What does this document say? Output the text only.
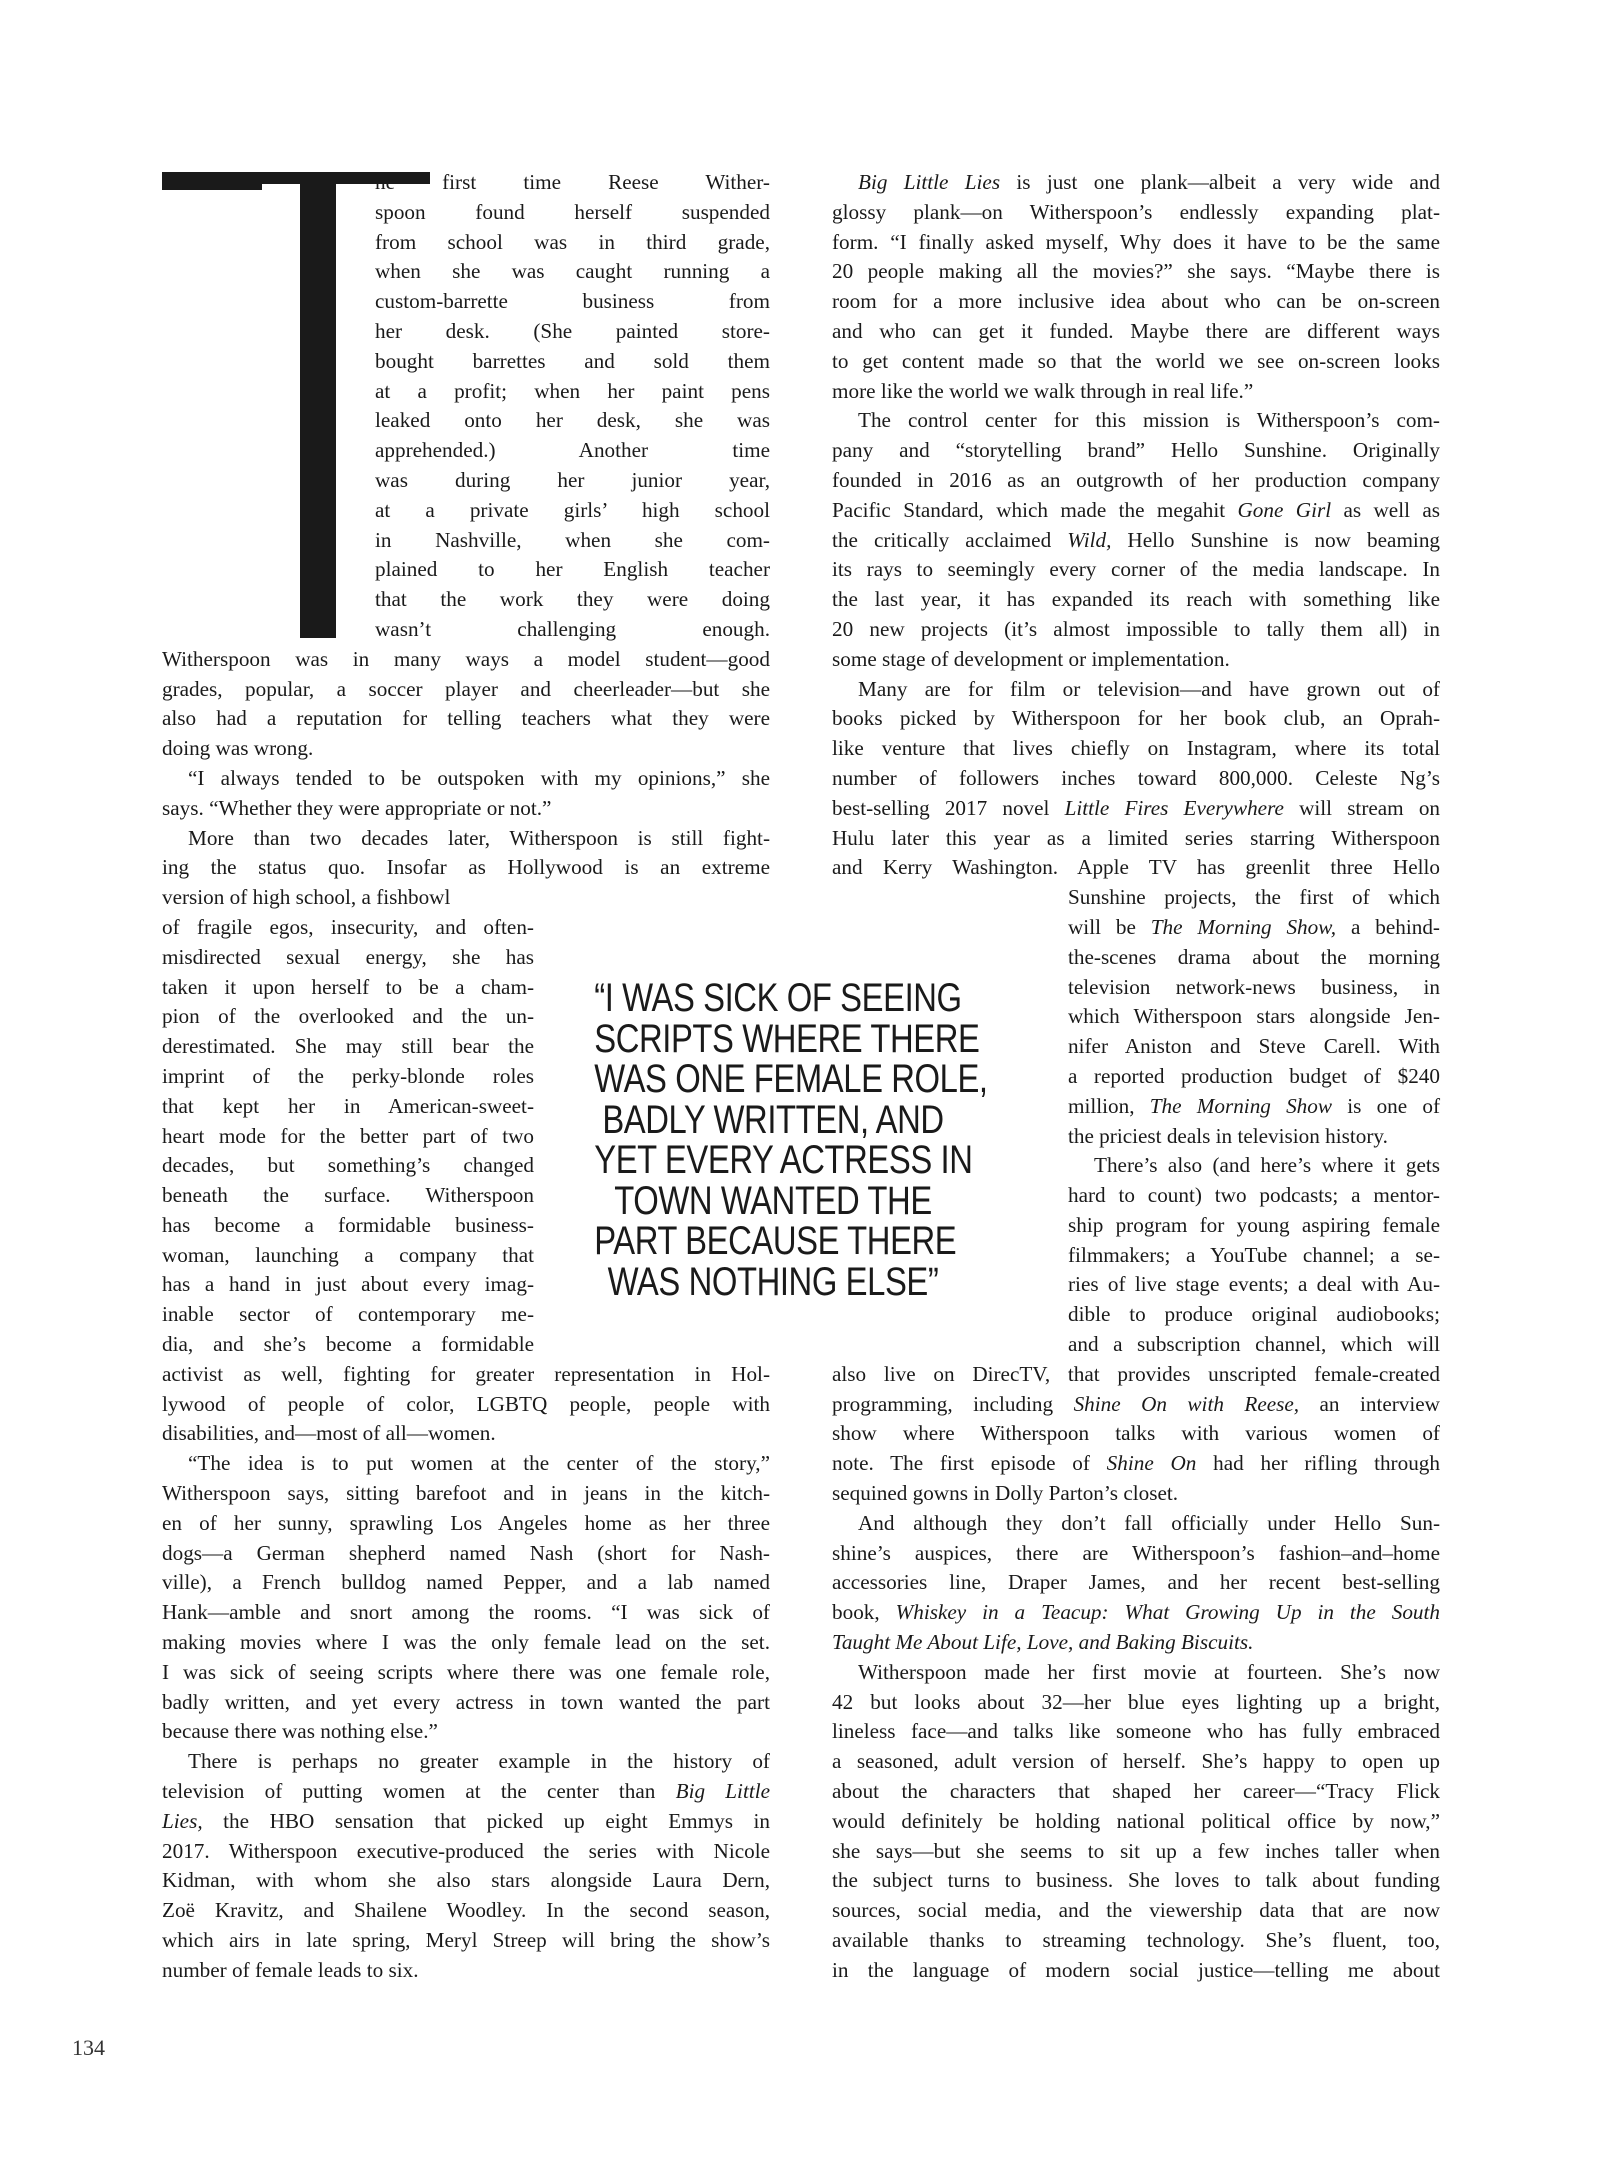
he first time Reese Wither-
spoon found herself suspended
from school was in third grade,
when she was caught running a
custom-barrette business from
her desk. (She painted store-
bought barrettes and sold them
at a profit; when her paint pens
leaked onto her desk, she was
apprehended.) Another time
was during her junior year,
at a private girls’ high school
in Nashville, when she com-
plained to her English teacher
that the work they were doing
wasn’t challenging enough.
Witherspoon was in many ways a model student—good
grades, popular, a soccer player and cheerleader—but she
also had a reputation for telling teachers what they were
doing was wrong.
“I always tended to be outspoken with my opinions,” she
says. “Whether they were appropriate or not.”
More than two decades later, Witherspoon is still fight-
ing the status quo. Insofar as Hollywood is an extreme
version of high school, a fishbowl
of fragile egos, insecurity, and often-
misdirected sexual energy, she has
taken it upon herself to be a cham-
pion of the overlooked and the un-
derestimated. She may still bear the
imprint of the perky-blonde roles
that kept her in American-sweet-
heart mode for the better part of two
decades, but something’s changed
beneath the surface. Witherspoon
has become a formidable business-
woman, launching a company that
has a hand in just about every imag-
inable sector of contemporary me-
dia, and she’s become a formidable
activist as well, fighting for greater representation in Hol-
lywood of people of color, LGBTQ people, people with
disabilities, and—most of all—women.
“The idea is to put women at the center of the story,”
Witherspoon says, sitting barefoot and in jeans in the kitch-
en of her sunny, sprawling Los Angeles home as her three
dogs—a German shepherd named Nash (short for Nash-
ville), a French bulldog named Pepper, and a lab named
Hank—amble and snort among the rooms. “I was sick of
making movies where I was the only female lead on the set.
I was sick of seeing scripts where there was one female role,
badly written, and yet every actress in town wanted the part
because there was nothing else.”
There is perhaps no greater example in the history of
television of putting women at the center than Big Little
Lies, the HBO sensation that picked up eight Emmys in
2017. Witherspoon executive-produced the series with Nicole
Kidman, with whom she also stars alongside Laura Dern,
Zoë Kravitz, and Shailene Woodley. In the second season,
which airs in late spring, Meryl Streep will bring the show’s
number of female leads to six.
Big Little Lies is just one plank—albeit a very wide and
glossy plank—on Witherspoon’s endlessly expanding plat-
form. “I finally asked myself, Why does it have to be the same
20 people making all the movies?” she says. “Maybe there is
room for a more inclusive idea about who can be on-screen
and who can get it funded. Maybe there are different ways
to get content made so that the world we see on-screen looks
more like the world we walk through in real life.”
The control center for this mission is Witherspoon’s com-
pany and “storytelling brand” Hello Sunshine. Originally
founded in 2016 as an outgrowth of her production company
Pacific Standard, which made the megahit Gone Girl as well as
the critically acclaimed Wild, Hello Sunshine is now beaming
its rays to seemingly every corner of the media landscape. In
the last year, it has expanded its reach with something like
20 new projects (it’s almost impossible to tally them all) in
some stage of development or implementation.
Many are for film or television—and have grown out of
books picked by Witherspoon for her book club, an Oprah-
like venture that lives chiefly on Instagram, where its total
number of followers inches toward 800,000. Celeste Ng’s
best-selling 2017 novel Little Fires Everywhere will stream on
Hulu later this year as a limited series starring Witherspoon
and Kerry Washington. Apple TV has greenlit three Hello
Sunshine projects, the first of which
will be The Morning Show, a behind-
the-scenes drama about the morning
television network-news business, in
which Witherspoon stars alongside Jen-
nifer Aniston and Steve Carell. With
a reported production budget of $240
million, The Morning Show is one of
the priciest deals in television history.
There’s also (and here’s where it gets
hard to count) two podcasts; a mentor-
ship program for young aspiring female
filmmakers; a YouTube channel; a se-
ries of live stage events; a deal with Au-
dible to produce original audiobooks;
and a subscription channel, which will
also live on DirecTV, that provides unscripted female-created
programming, including Shine On with Reese, an interview
show where Witherspoon talks with various women of
note. The first episode of Shine On had her rifling through
sequined gowns in Dolly Parton’s closet.
And although they don’t fall officially under Hello Sun-
shine’s auspices, there are Witherspoon’s fashion–and–home
accessories line, Draper James, and her recent best-selling
book, Whiskey in a Teacup: What Growing Up in the South
Taught Me About Life, Love, and Baking Biscuits.
Witherspoon made her first movie at fourteen. She’s now
42 but looks about 32—her blue eyes lighting up a bright,
lineless face—and talks like someone who has fully embraced
a seasoned, adult version of herself. She’s happy to open up
about the characters that shaped her career—“Tracy Flick
would definitely be holding national political office by now,”
she says—but she seems to sit up a few inches taller when
the subject turns to business. She loves to talk about funding
sources, social media, and the viewership data that are now
available thanks to streaming technology. She’s fluent, too,
in the language of modern social justice—telling me about
“I WAS SICK OF SEEING
SCRIPTS WHERE THERE
WAS ONE FEMALE ROLE,
BADLY WRITTEN, AND
YET EVERY ACTRESS IN
TOWN WANTED THE
PART BECAUSE THERE
WAS NOTHING ELSE”
134
